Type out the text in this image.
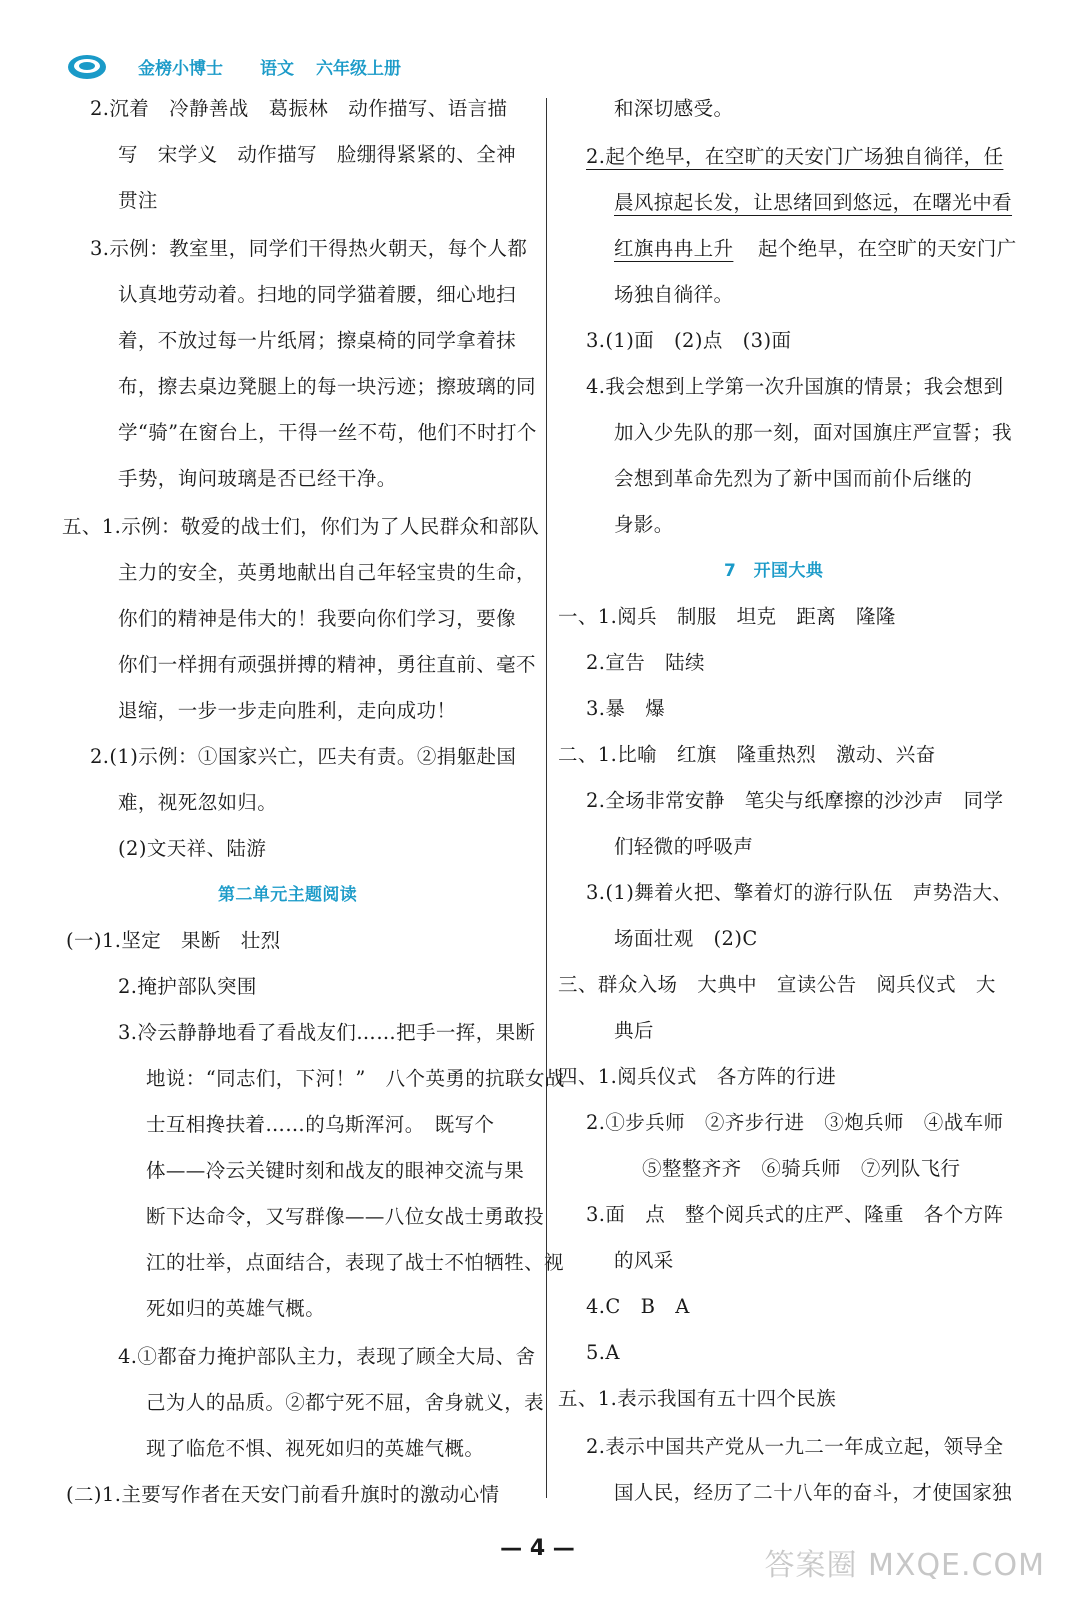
金榜小博士 语文 六年级上册
2.沉着　冷静善战　葛振林　动作描写、语言描
写　宋学义　动作描写　脸绷得紧紧的、全神
贯注
3.示例：教室里，同学们干得热火朝天，每个人都
认真地劳动着。扫地的同学猫着腰，细心地扫
着，不放过每一片纸屑；擦桌椅的同学拿着抹
布，擦去桌边凳腿上的每一块污迹；擦玻璃的同
学“骑”在窗台上，干得一丝不苟，他们不时打个
手势，询问玻璃是否已经干净。
五、1.示例：敬爱的战士们，你们为了人民群众和部队
主力的安全，英勇地献出自己年轻宝贵的生命，
你们的精神是伟大的！我要向你们学习，要像
你们一样拥有顽强拼搏的精神，勇往直前、毫不
退缩，一步一步走向胜利，走向成功！
2.(1)示例：①国家兴亡，匹夫有责。②捐躯赴国
难，视死忽如归。
(2)文天祥、陆游
第二单元主题阅读
(一)1.坚定　果断　壮烈
2.掩护部队突围
3.冷云静静地看了看战友们……把手一挥，果断
地说：“同志们，下河！”　八个英勇的抗联女战
士互相搀扶着……的乌斯浑河。　既写个
体——冷云关键时刻和战友的眼神交流与果
断下达命令，又写群像——八位女战士勇敢投
江的壮举，点面结合，表现了战士不怕牺牲、视
死如归的英雄气概。
4.①都奋力掩护部队主力，表现了顾全大局、舍
己为人的品质。②都宁死不屈，舍身就义，表
现了临危不惧、视死如归的英雄气概。
(二)1.主要写作者在天安门前看升旗时的激动心情
和深切感受。
2.起个绝早，在空旷的天安门广场独自徜徉，任
晨风掠起长发，让思绪回到悠远，在曙光中看
红旗冉冉上升 起个绝早，在空旷的天安门广
场独自徜徉。
3.(1)面　(2)点　(3)面
4.我会想到上学第一次升国旗的情景；我会想到
加入少先队的那一刻，面对国旗庄严宣誓；我
会想到革命先烈为了新中国而前仆后继的
身影。
7　开国大典
一、1.阅兵　制服　坦克　距离　隆隆
2.宣告　陆续
3.暴　爆
二、1.比喻　红旗　隆重热烈　激动、兴奋
2.全场非常安静　笔尖与纸摩擦的沙沙声　同学
们轻微的呼吸声
3.(1)舞着火把、擎着灯的游行队伍　声势浩大、
场面壮观　(2)C
三、群众入场　大典中　宣读公告　阅兵仪式　大
典后
四、1.阅兵仪式　各方阵的行进
2.①步兵师　②齐步行进　③炮兵师　④战车师
⑤整整齐齐　⑥骑兵师　⑦列队飞行
3.面　点　整个阅兵式的庄严、隆重　各个方阵
的风采
4.C　B　A
5.A
五、1.表示我国有五十四个民族
2.表示中国共产党从一九二一年成立起，领导全
国人民，经历了二十八年的奋斗，才使国家独
— 4 —	答案圈 MXQE.COM
